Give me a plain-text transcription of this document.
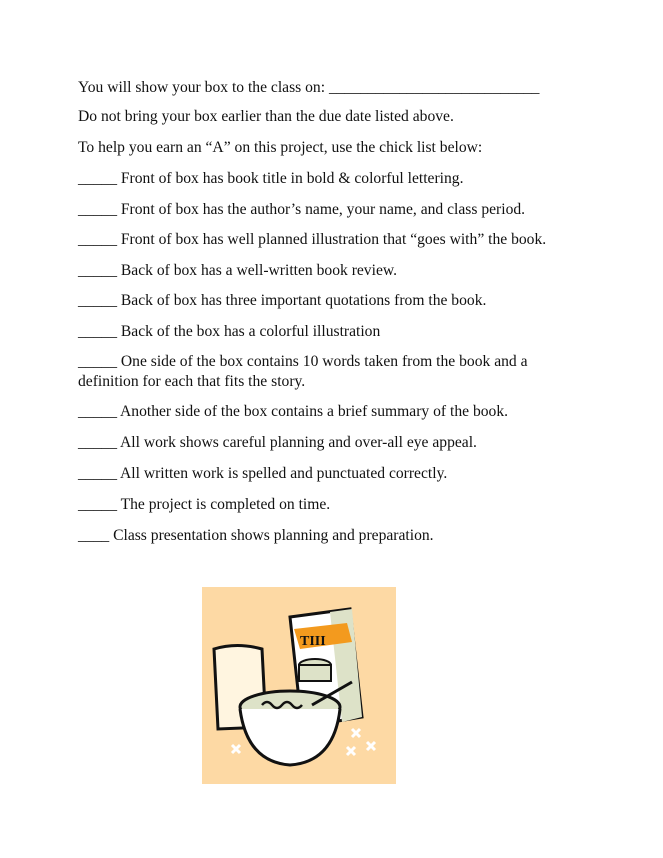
You will show your box to the class on: ___________________________
Do not bring your box earlier than the due date listed above.
To help you earn an “A” on this project, use the chick list below:
_____ Front of box has book title in bold & colorful lettering.
_____ Front of box has the author’s name, your name, and class period.
_____ Front of box has well planned illustration that “goes with” the book.
_____ Back of box has a well-written book review.
_____ Back of box has three important quotations from the book.
_____ Back of the box has a colorful illustration
_____ One side of the box contains 10 words taken from the book and a definition for each that fits the story.
_____ Another side of the box contains a brief summary of the book.
_____ All work shows careful planning and over-all eye appeal.
_____ All written work is spelled and punctuated correctly.
_____ The project is completed on time.
____ Class presentation shows planning and preparation.
TIII
